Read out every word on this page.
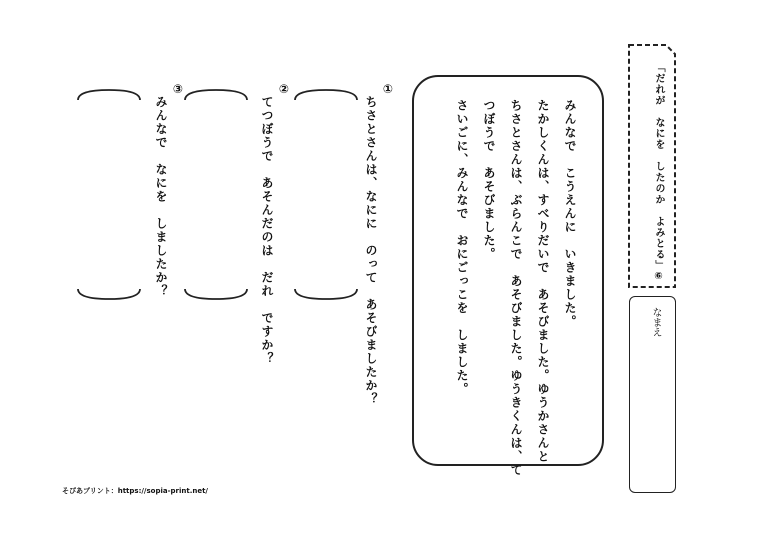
「だれが　なにを　したのか　よみとる」⑥
なまえ
みんなで　こうえんに　いきました。
たかしくんは、すべりだいで　あそびました。ゆうかさんと
ちさとさんは、ぶらんこで　あそびました。ゆうきくんは、て
つぼうで　あそびました。
さいごに、みんなで　おにごっこを　しました。
①
　ちさとさんは、なにに　のって　あそびましたか？
②
　てつぼうで　あそんだのは　だれ　ですか？
③
　みんなで　なにを　しましたか？
そぴあプリント：https://sopia-print.net/
